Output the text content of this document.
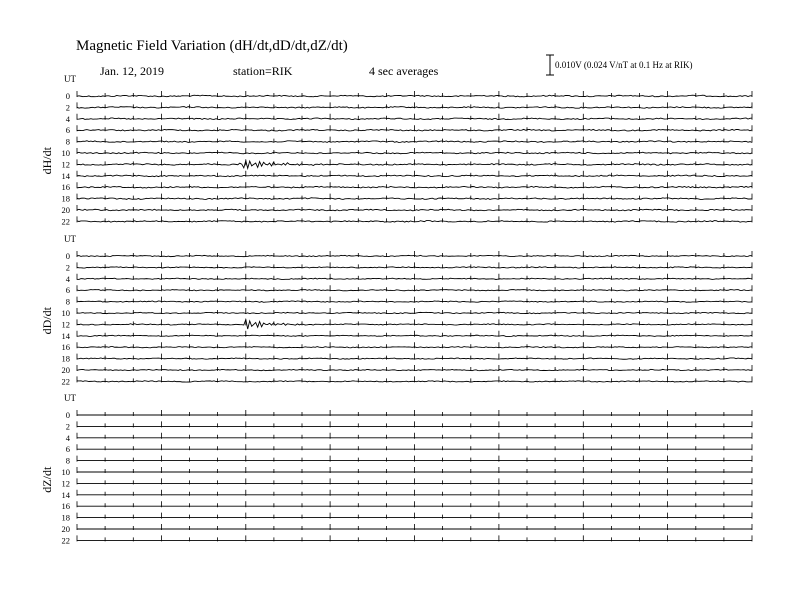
Magnetic Field Variation (dH/dt,dD/dt,dZ/dt)
Jan. 12, 2019	station=RIK	4 sec averages	0.010V (0.024 V/nT at 0.1 Hz at RIK)
UT
dH/dt
0
2
4
6
8
10
12
14
16
18
20
22
UT
dD/dt
0
2
4
6
8
10
12
14
16
18
20
22
UT
dZ/dt
0
2
4
6
8
10
12
14
16
18
20
22
